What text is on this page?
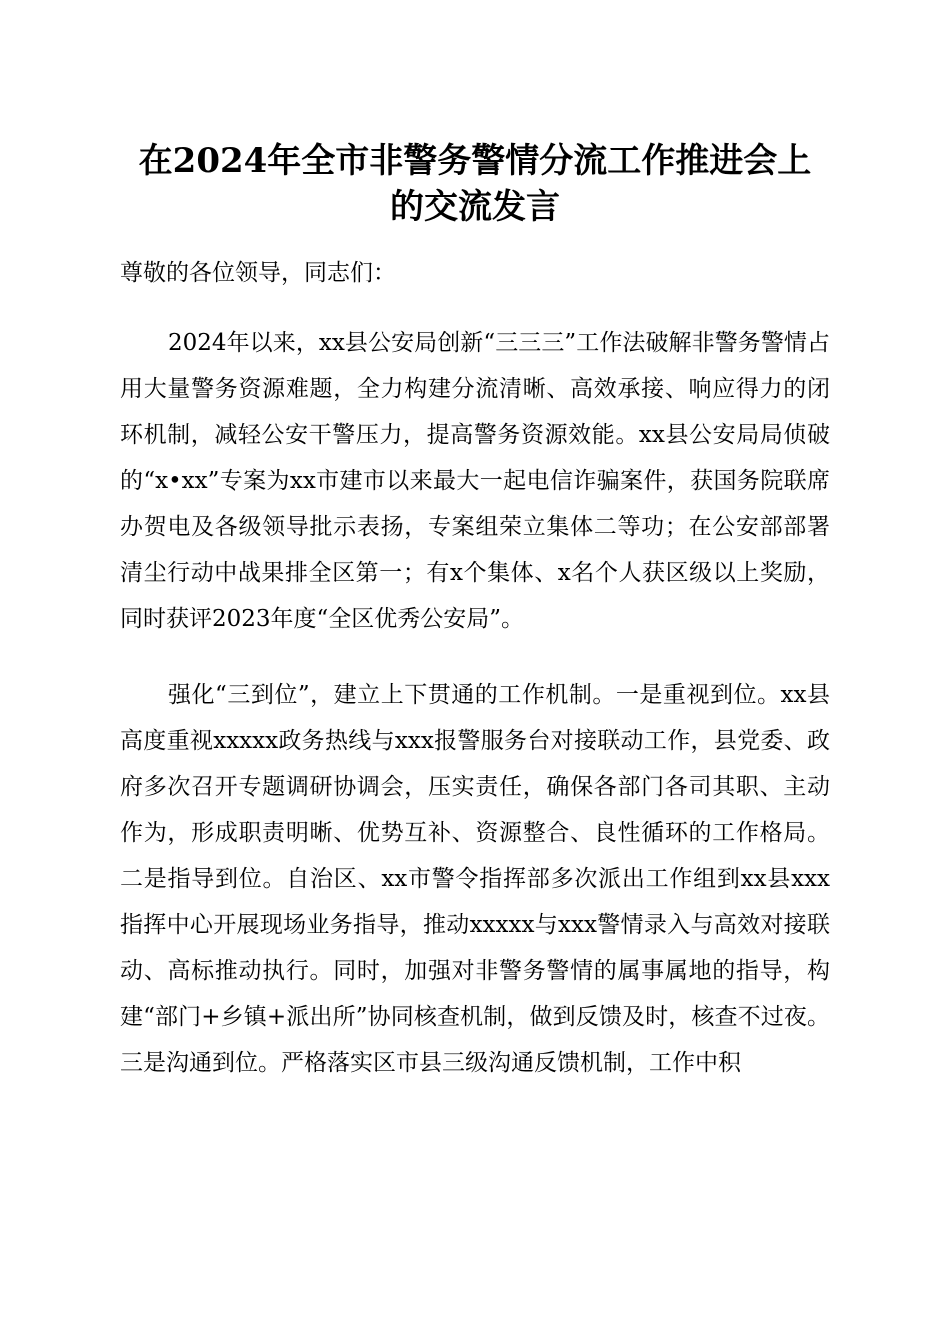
在2024年全市非警务警情分流工作推进会上
的交流发言
尊敬的各位领导，同志们：
2024年以来，xx县公安局创新“三三三”工作法破解非警务警情占用大量警务资源难题，全力构建分流清晰、高效承接、响应得力的闭环机制，减轻公安干警压力，提高警务资源效能。xx县公安局局侦破的“x•xx”专案为xx市建市以来最大一起电信诈骗案件，获国务院联席办贺电及各级领导批示表扬，专案组荣立集体二等功；在公安部部署清尘行动中战果排全区第一；有x个集体、x名个人获区级以上奖励，同时获评2023年度“全区优秀公安局”。
强化“三到位”，建立上下贯通的工作机制。一是重视到位。xx县高度重视xxxxx政务热线与xxx报警服务台对接联动工作，县党委、政府多次召开专题调研协调会，压实责任，确保各部门各司其职、主动作为，形成职责明晰、优势互补、资源整合、良性循环的工作格局。二是指导到位。自治区、xx市警令指挥部多次派出工作组到xx县xxx指挥中心开展现场业务指导，推动xxxxx与xxx警情录入与高效对接联动、高标推动执行。同时，加强对非警务警情的属事属地的指导，构建“部门+乡镇+派出所”协同核查机制，做到反馈及时，核查不过夜。三是沟通到位。严格落实区市县三级沟通反馈机制，工作中积
